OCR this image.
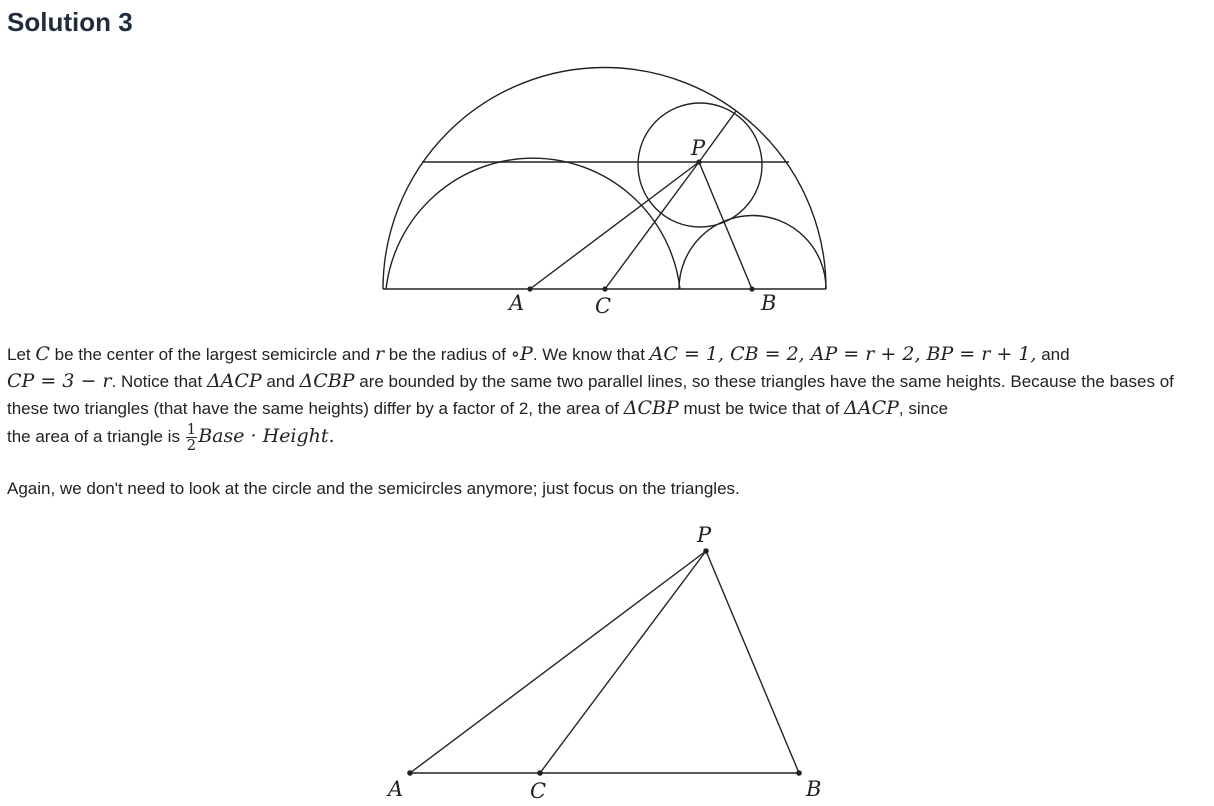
Solution 3
A	C	B
P

Let C be the center of the largest semicircle and r be the radius of ∘P. We know that AC = 1, CB = 2, AP = r + 2, BP = r + 1, and
CP = 3 − r. Notice that ΔACP and ΔCBP are bounded by the same two parallel lines, so these triangles have the same heights. Because the bases of these two triangles (that have the same heights) differ by a factor of 2, the area of ΔCBP must be twice that of ΔACP, since
the area of a triangle is $\frac{1}{2}$ Base · Height.

Again, we don't need to look at the circle and the semicircles anymore; just focus on the triangles.

P
A	C	B
